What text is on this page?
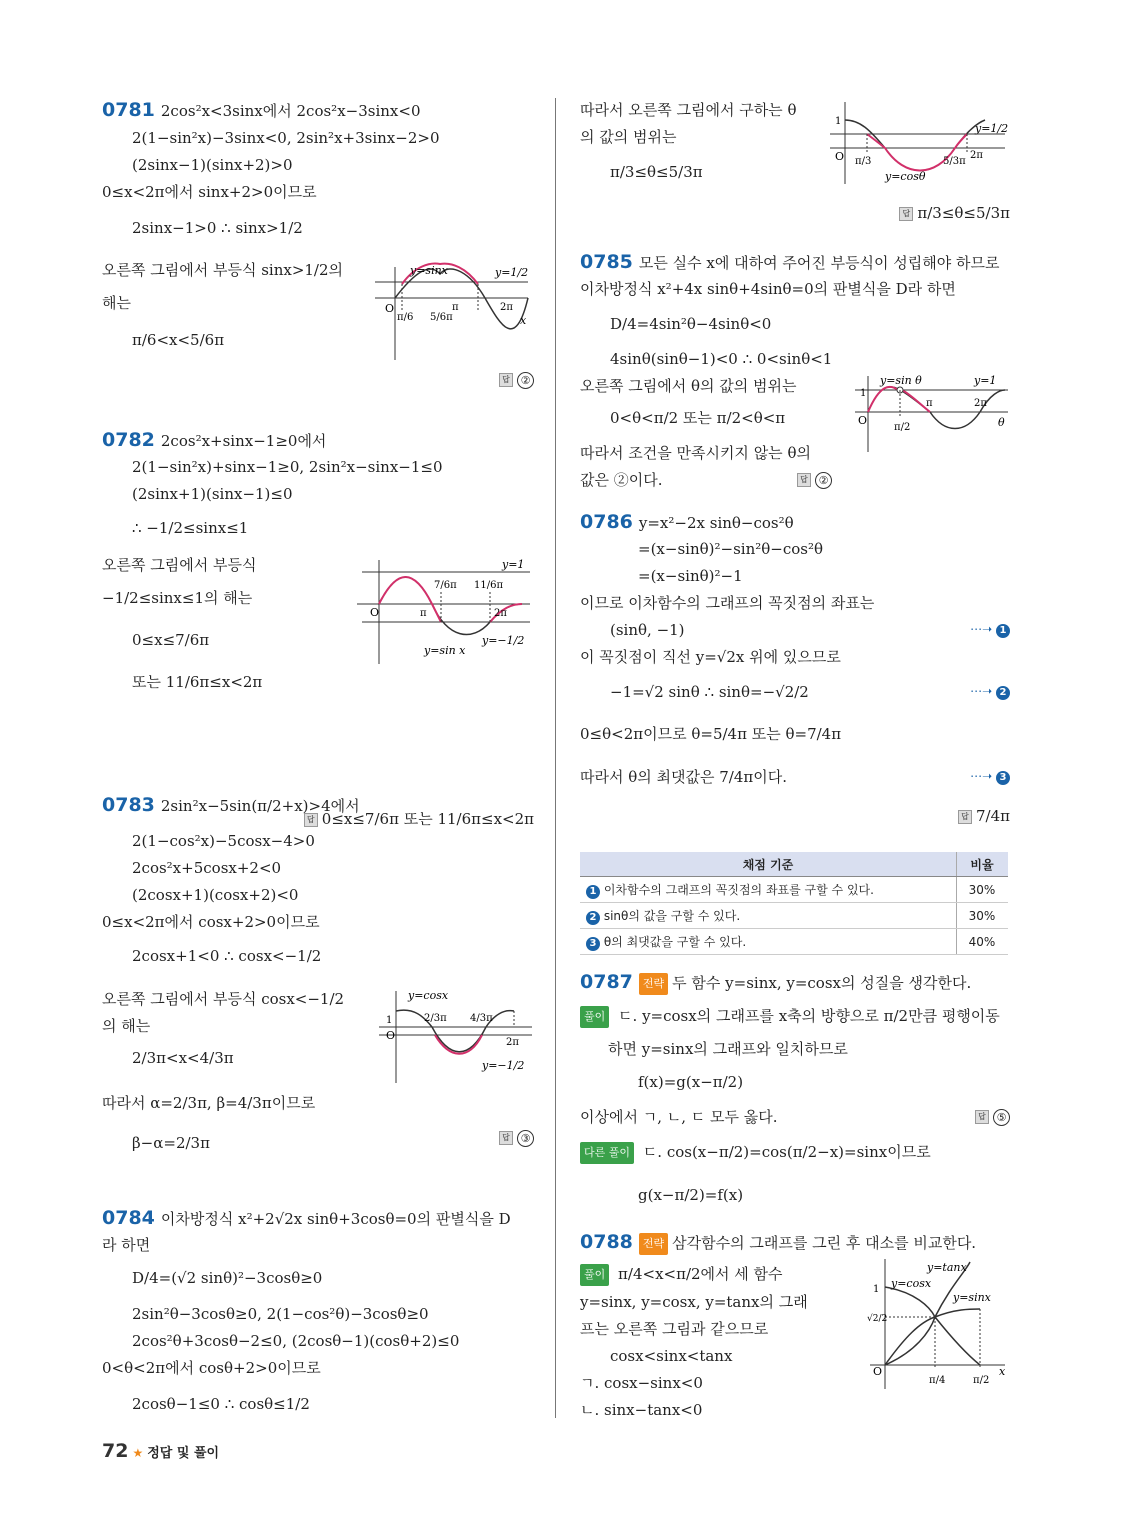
0781 2cos²x<3sinx에서 2cos²x−3sinx<0
2(1−sin²x)−3sinx<0, 2sin²x+3sinx−2>0
(2sinx−1)(sinx+2)>0
0≤x<2π에서 sinx+2>0이므로
2sinx−1>0 ∴ sinx>1/2
오른쪽 그림에서 부등식 sinx>1/2의
해는
π/6<x<5/6π
y=sinx	y=1/2
O
π/6 5/6π
π	2π
x
답 ②
0782 2cos²x+sinx−1≥0에서
2(1−sin²x)+sinx−1≥0, 2sin²x−sinx−1≤0
(2sinx+1)(sinx−1)≤0
∴ −1/2≤sinx≤1
오른쪽 그림에서 부등식
−1/2≤sinx≤1의 해는
0≤x≤7/6π
또는 11/6π≤x<2π
O
y=1
y=−1/2
y=sin x
7/6π 11/6π
π	2π
답 0≤x≤7/6π 또는 11/6π≤x<2π
0783 2sin²x−5sin(π/2+x)>4에서
2(1−cos²x)−5cosx−4>0
2cos²x+5cosx+2<0
(2cosx+1)(cosx+2)<0
0≤x<2π에서 cosx+2>0이므로
2cosx+1<0 ∴ cosx<−1/2
오른쪽 그림에서 부등식 cosx<−1/2
의 해는
2/3π<x<4/3π
따라서 α=2/3π, β=4/3π이므로
β−α=2/3π
y=cosx
1
O
2/3π 4/3π
2π
y=−1/2
답 ③
0784 이차방정식 x²+2√2x sinθ+3cosθ=0의 판별식을 D
라 하면
D/4=(√2 sinθ)²−3cosθ≥0
2sin²θ−3cosθ≥0, 2(1−cos²θ)−3cosθ≥0
2cos²θ+3cosθ−2≤0, (2cosθ−1)(cosθ+2)≤0
0<θ<2π에서 cosθ+2>0이므로
2cosθ−1≤0 ∴ cosθ≤1/2
따라서 오른쪽 그림에서 구하는 θ
의 값의 범위는
π/3≤θ≤5/3π
1
O π/3	5/3π
2π
y=cosθ
y=1/2
답 π/3≤θ≤5/3π
0785 모든 실수 x에 대하여 주어진 부등식이 성립해야 하므로
이차방정식 x²+4x sinθ+4sinθ=0의 판별식을 D라 하면
D/4=4sin²θ−4sinθ<0
4sinθ(sinθ−1)<0 ∴ 0<sinθ<1
오른쪽 그림에서 θ의 값의 범위는
0<θ<π/2 또는 π/2<θ<π
따라서 조건을 만족시키지 않는 θ의
값은 ②이다.
y=sin θ	y=1
1
O
π/2
π	2π
θ
답 ②
0786 y=x²−2x sinθ−cos²θ
=(x−sinθ)²−sin²θ−cos²θ
=(x−sinθ)²−1
이므로 이차함수의 그래프의 꼭짓점의 좌표는
(sinθ, −1)	⋯➝ 1
이 꼭짓점이 직선 y=√2x 위에 있으므로
−1=√2 sinθ ∴ sinθ=−√2/2	⋯➝ 2
0≤θ<2π이므로 θ=5/4π 또는 θ=7/4π
따라서 θ의 최댓값은 7/4π이다.	⋯➝ 3
답 7/4π
채점 기준	비율
1 이차함수의 그래프의 꼭짓점의 좌표를 구할 수 있다.	30%
2 sinθ의 값을 구할 수 있다.	30%
3 θ의 최댓값을 구할 수 있다.	40%
0787 전략 두 함수 y=sinx, y=cosx의 성질을 생각한다.
풀이 ㄷ. y=cosx의 그래프를 x축의 방향으로 π/2만큼 평행이동
하면 y=sinx의 그래프와 일치하므로
f(x)=g(x−π/2)
이상에서 ㄱ, ㄴ, ㄷ 모두 옳다.	답 ⑤
다른 풀이 ㄷ. cos(x−π/2)=cos(π/2−x)=sinx이므로
g(x−π/2)=f(x)
0788 전략 삼각함수의 그래프를 그린 후 대소를 비교한다.
풀이 π/4<x<π/2에서 세 함수
y=sinx, y=cosx, y=tanx의 그래
프는 오른쪽 그림과 같으므로
cosx<sinx<tanx
ㄱ. cosx−sinx<0
ㄴ. sinx−tanx<0
y=tanx
y=cosx
y=sinx
1
√2/2
O
π/4	π/2
x
72 ★ 정답 및 풀이
